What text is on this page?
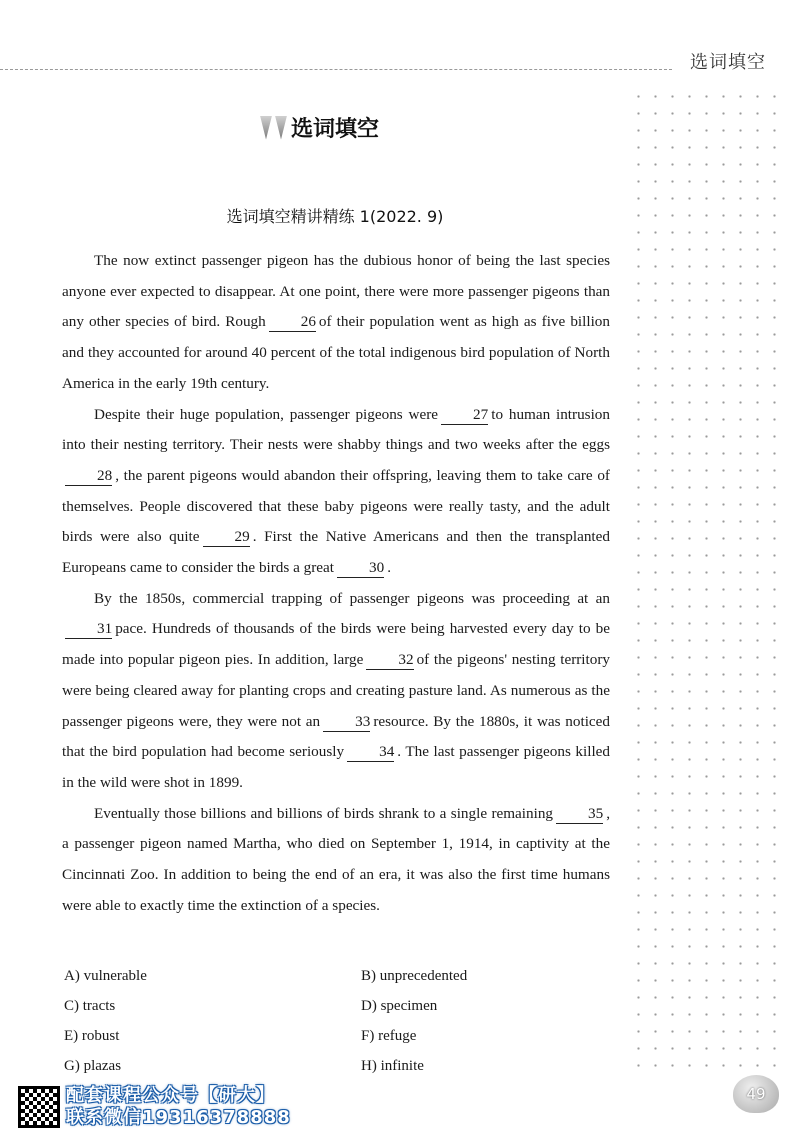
选词填空
选词填空
选词填空精讲精练 1(2022. 9)

The now extinct passenger pigeon has the dubious honor of being the last species anyone ever expected to disappear. At one point, there were more passenger pigeons than any other species of bird. Rough 26 of their population went as high as five billion and they accounted for around 40 percent of the total indigenous bird population of North America in the early 19th century.

Despite their huge population, passenger pigeons were 27 to human intrusion into their nesting territory. Their nests were shabby things and two weeks after the eggs28 , the parent pigeons would abandon their offspring, leaving them to take care of themselves. People discovered that these baby pigeons were really tasty, and the adult birds were also quite 29 . First the Native Americans and then the transplanted Europeans came to consider the birds a great 30 .

By the 1850s, commercial trapping of passenger pigeons was proceeding at an31 pace. Hundreds of thousands of the birds were being harvested every day to be made into popular pigeon pies. In addition, large 32 of the pigeons' nesting territory were being cleared away for planting crops and creating pasture land. As numerous as the passenger pigeons were, they were not an 33 resource. By the 1880s, it was noticed that the bird population had become seriously 34 . The last passenger pigeons killed in the wild were shot in 1899.

Eventually those billions and billions of birds shrank to a single remaining 35 , a passenger pigeon named Martha, who died on September 1, 1914, in captivity at the Cincinnati Zoo. In addition to being the end of an era, it was also the first time humans were able to exactly time the extinction of a species.

A) vulnerable	B) unprecedented
C) tracts	D) specimen
E) robust	F) refuge
G) plazas	H) infinite
配套课程公众号【研大】
联系微信19316378888
49
